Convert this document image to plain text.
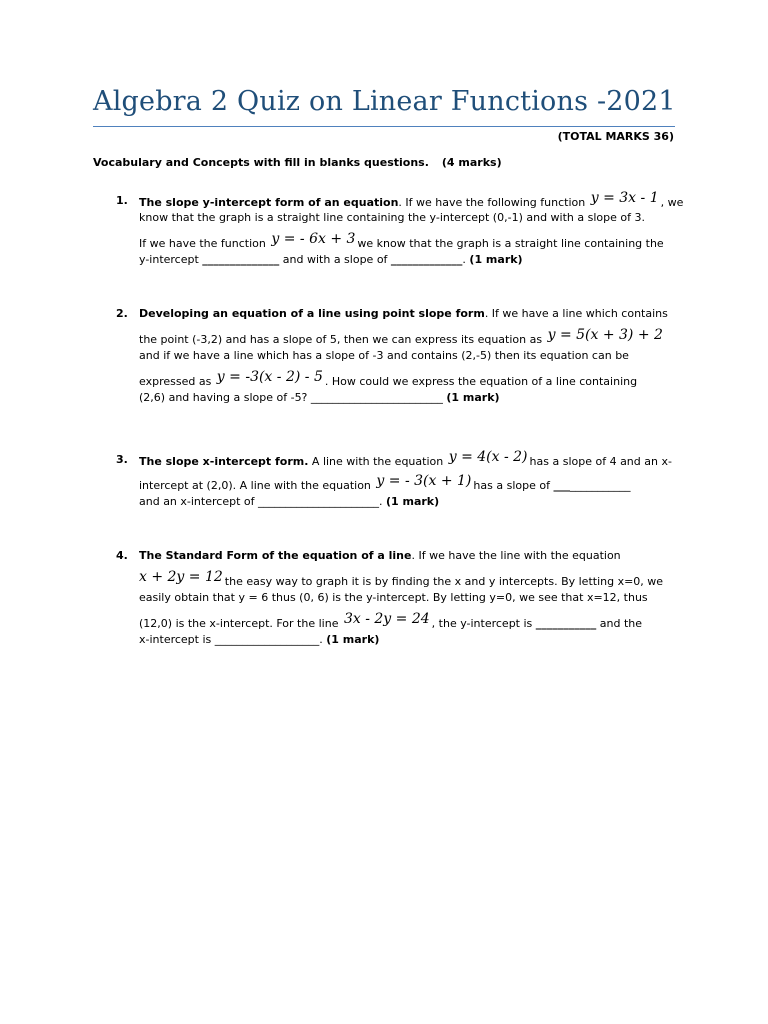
Algebra 2 Quiz on Linear Functions -2021
(TOTAL MARKS 36)
Vocabulary and Concepts with fill in blanks questions. (4 marks)
1. The slope y-intercept form of an equation. If we have the following function y = 3x - 1 , we
know that the graph is a straight line containing the y-intercept (0,-1) and with a slope of 3.
If we have the function y = - 6x + 3 we know that the graph is a straight line containing the
y-intercept ______________ and with a slope of _____________. (1 mark)
2. Developing an equation of a line using point slope form. If we have a line which contains
the point (-3,2) and has a slope of 5, then we can express its equation as y = 5(x + 3) + 2
and if we have a line which has a slope of -3 and contains (2,-5) then its equation can be
expressed as y = -3(x - 2) - 5 . How could we express the equation of a line containing
(2,6) and having a slope of -5? ________________________ (1 mark)
3. The slope x-intercept form. A line with the equation y = 4(x - 2) has a slope of 4 and an x-
intercept at (2,0). A line with the equation y = - 3(x + 1) has a slope of ______________
and an x-intercept of ______________________. (1 mark)
4. The Standard Form of the equation of a line. If we have the line with the equation
x + 2y = 12 the easy way to graph it is by finding the x and y intercepts. By letting x=0, we
easily obtain that y = 6 thus (0, 6) is the y-intercept. By letting y=0, we see that x=12, thus
(12,0) is the x-intercept. For the line 3x - 2y = 24 , the y-intercept is ___________ and the
x-intercept is ___________________. (1 mark)
